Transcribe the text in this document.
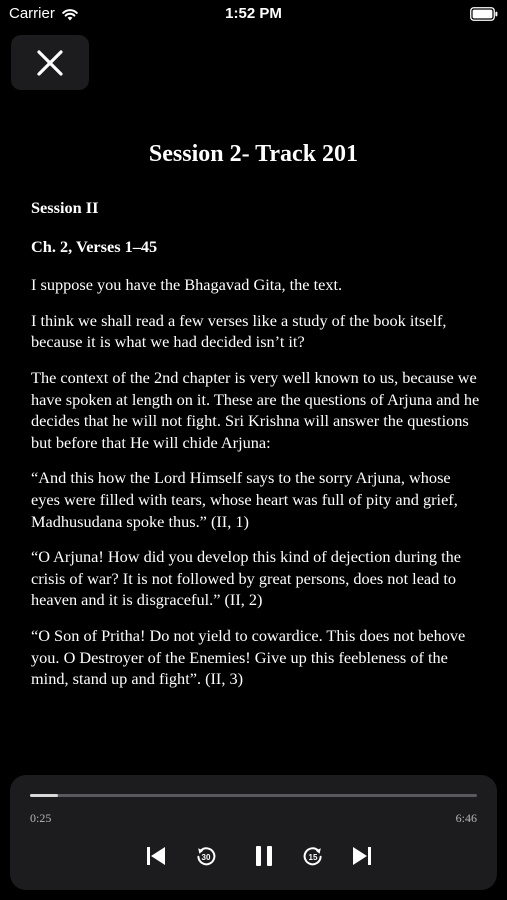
Carrier	1:52 PM
Session 2- Track 201

Session II

Ch. 2, Verses 1–45

I suppose you have the Bhagavad Gita, the text.

I think we shall read a few verses like a study of the book itself, because it is what we had decided isn’t it?

The context of the 2nd chapter is very well known to us, because we have spoken at length on it. These are the questions of Arjuna and he decides that he will not fight. Sri Krishna will answer the questions but before that He will chide Arjuna:

“And this how the Lord Himself says to the sorry Arjuna, whose eyes were filled with tears, whose heart was full of pity and grief, Madhusudana spoke thus.” (II, 1)

“O Arjuna! How did you develop this kind of dejection during the crisis of war? It is not followed by great persons, does not lead to heaven and it is disgraceful.” (II, 2)

“O Son of Pritha! Do not yield to cowardice. This does not behove you. O Destroyer of the Enemies! Give up this feebleness of the mind, stand up and fight”. (II, 3)

0:25	6:46
30	15
